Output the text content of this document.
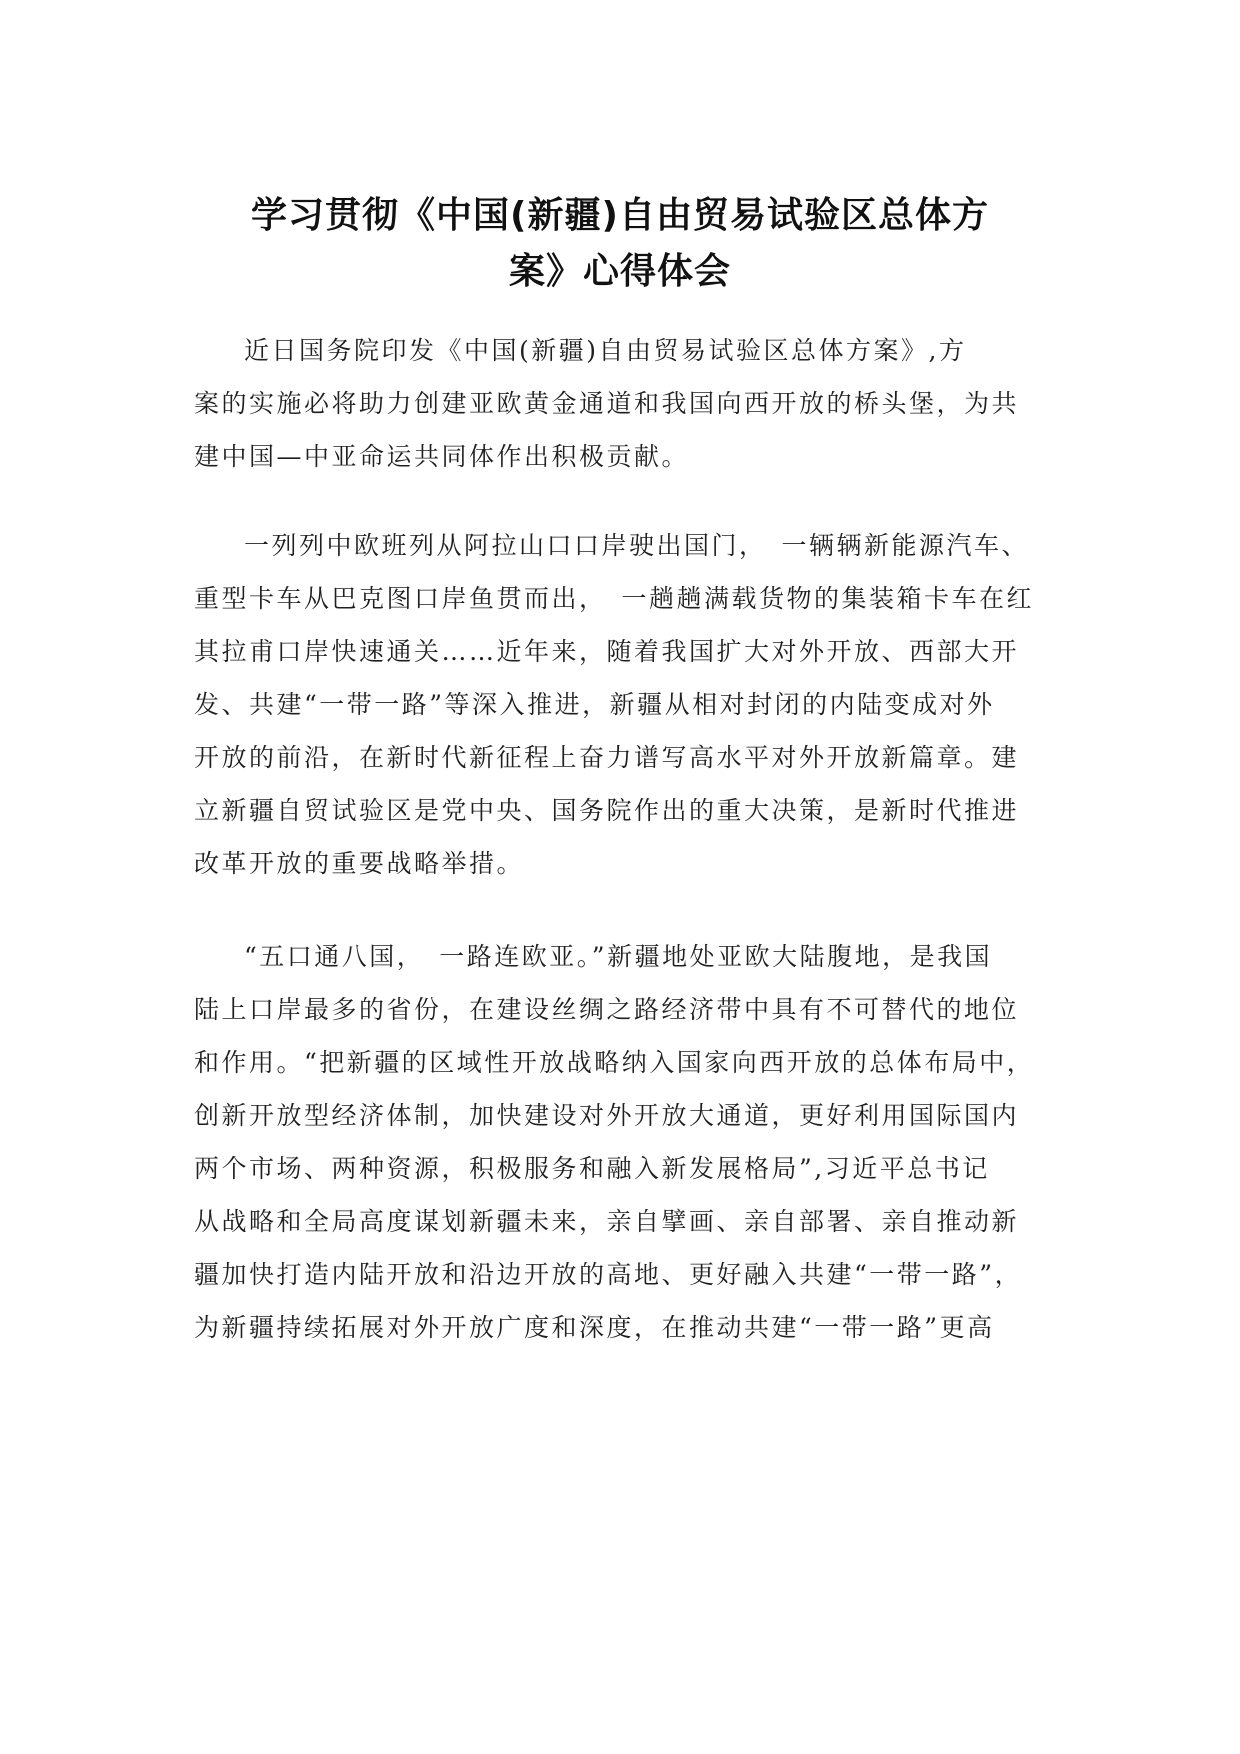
学习贯彻《中国(新疆)自由贸易试验区总体方
案》心得体会
近日国务院印发《中国(新疆)自由贸易试验区总体方案》,方
案的实施必将助力创建亚欧黄金通道和我国向西开放的桥头堡，为共
建中国—中亚命运共同体作出积极贡献。
一列列中欧班列从阿拉山口口岸驶出国门，　一辆辆新能源汽车、
重型卡车从巴克图口岸鱼贯而出，　一趟趟满载货物的集装箱卡车在红
其拉甫口岸快速通关……近年来，随着我国扩大对外开放、西部大开
发、共建“一带一路”等深入推进，新疆从相对封闭的内陆变成对外
开放的前沿，在新时代新征程上奋力谱写高水平对外开放新篇章。建
立新疆自贸试验区是党中央、国务院作出的重大决策，是新时代推进
改革开放的重要战略举措。
“五口通八国，　一路连欧亚。”新疆地处亚欧大陆腹地，是我国
陆上口岸最多的省份，在建设丝绸之路经济带中具有不可替代的地位
和作用。“把新疆的区域性开放战略纳入国家向西开放的总体布局中，
创新开放型经济体制，加快建设对外开放大通道，更好利用国际国内
两个市场、两种资源，积极服务和融入新发展格局”,习近平总书记
从战略和全局高度谋划新疆未来，亲自擘画、亲自部署、亲自推动新
疆加快打造内陆开放和沿边开放的高地、更好融入共建“一带一路”，
为新疆持续拓展对外开放广度和深度，在推动共建“一带一路”更高
